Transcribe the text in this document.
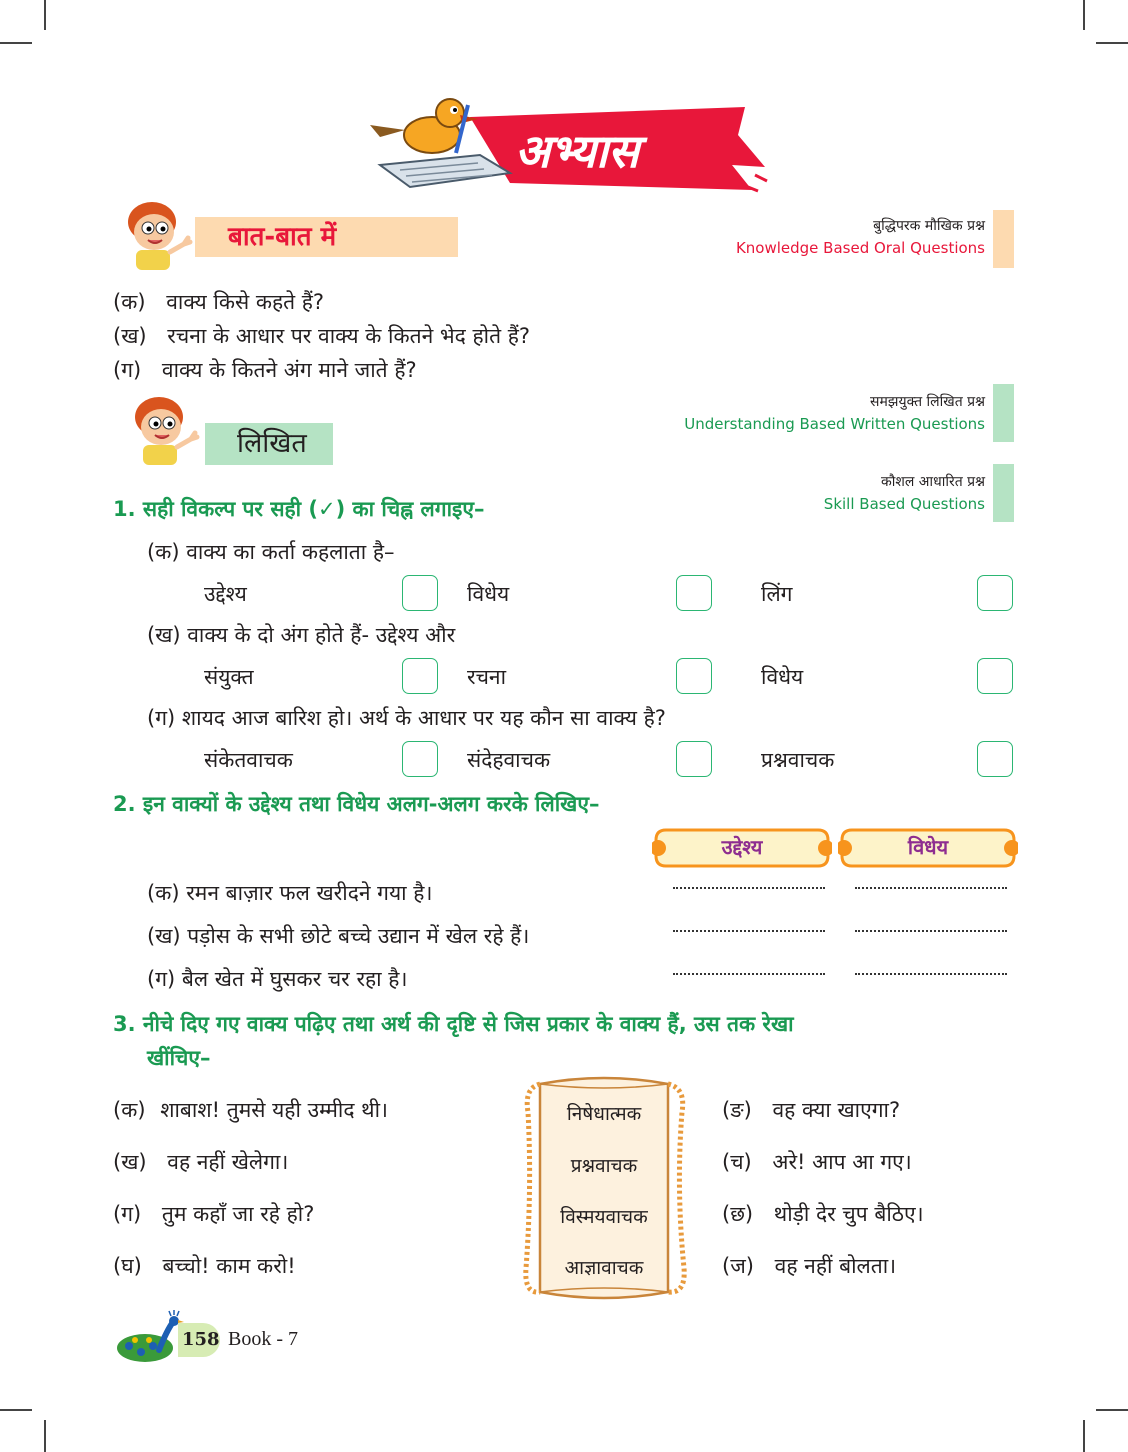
अभ्यास
बात-बात में	बुद्धिपरक मौखिक प्रश्न
Knowledge Based Oral Questions
(क) वाक्य किसे कहते हैं?
(ख) रचना के आधार पर वाक्य के कितने भेद होते हैं?
(ग) वाक्य के कितने अंग माने जाते हैं?
लिखित
समझयुक्त लिखित प्रश्न
Understanding Based Written Questions
कौशल आधारित प्रश्न
Skill Based Questions
1. सही विकल्प पर सही (✓) का चिह्न लगाइए–
(क) वाक्य का कर्ता कहलाता है–
उद्देश्य	विधेय	लिंग
(ख) वाक्य के दो अंग होते हैं- उद्देश्य और
संयुक्त	रचना	विधेय
(ग) शायद आज बारिश हो। अर्थ के आधार पर यह कौन सा वाक्य है?
संकेतवाचक	संदेहवाचक	प्रश्नवाचक
2. इन वाक्यों के उद्देश्य तथा विधेय अलग-अलग करके लिखिए–
उद्देश्य	विधेय
(क) रमन बाज़ार फल खरीदने गया है।
(ख) पड़ोस के सभी छोटे बच्चे उद्यान में खेल रहे हैं।
(ग) बैल खेत में घुसकर चर रहा है।
3. नीचे दिए गए वाक्य पढ़िए तथा अर्थ की दृष्टि से जिस प्रकार के वाक्य हैं, उस तक रेखा
खींचिए–
(क) शाबाश! तुमसे यही उम्मीद थी।
(ख) वह नहीं खेलेगा।
(ग) तुम कहाँ जा रहे हो?
(घ) बच्चो! काम करो!
निषेधात्मक
प्रश्नवाचक
विस्मयवाचक
आज्ञावाचक
(ङ) वह क्या खाएगा?
(च) अरे! आप आ गए।
(छ) थोड़ी देर चुप बैठिए।
(ज) वह नहीं बोलता।
158 Book - 7
